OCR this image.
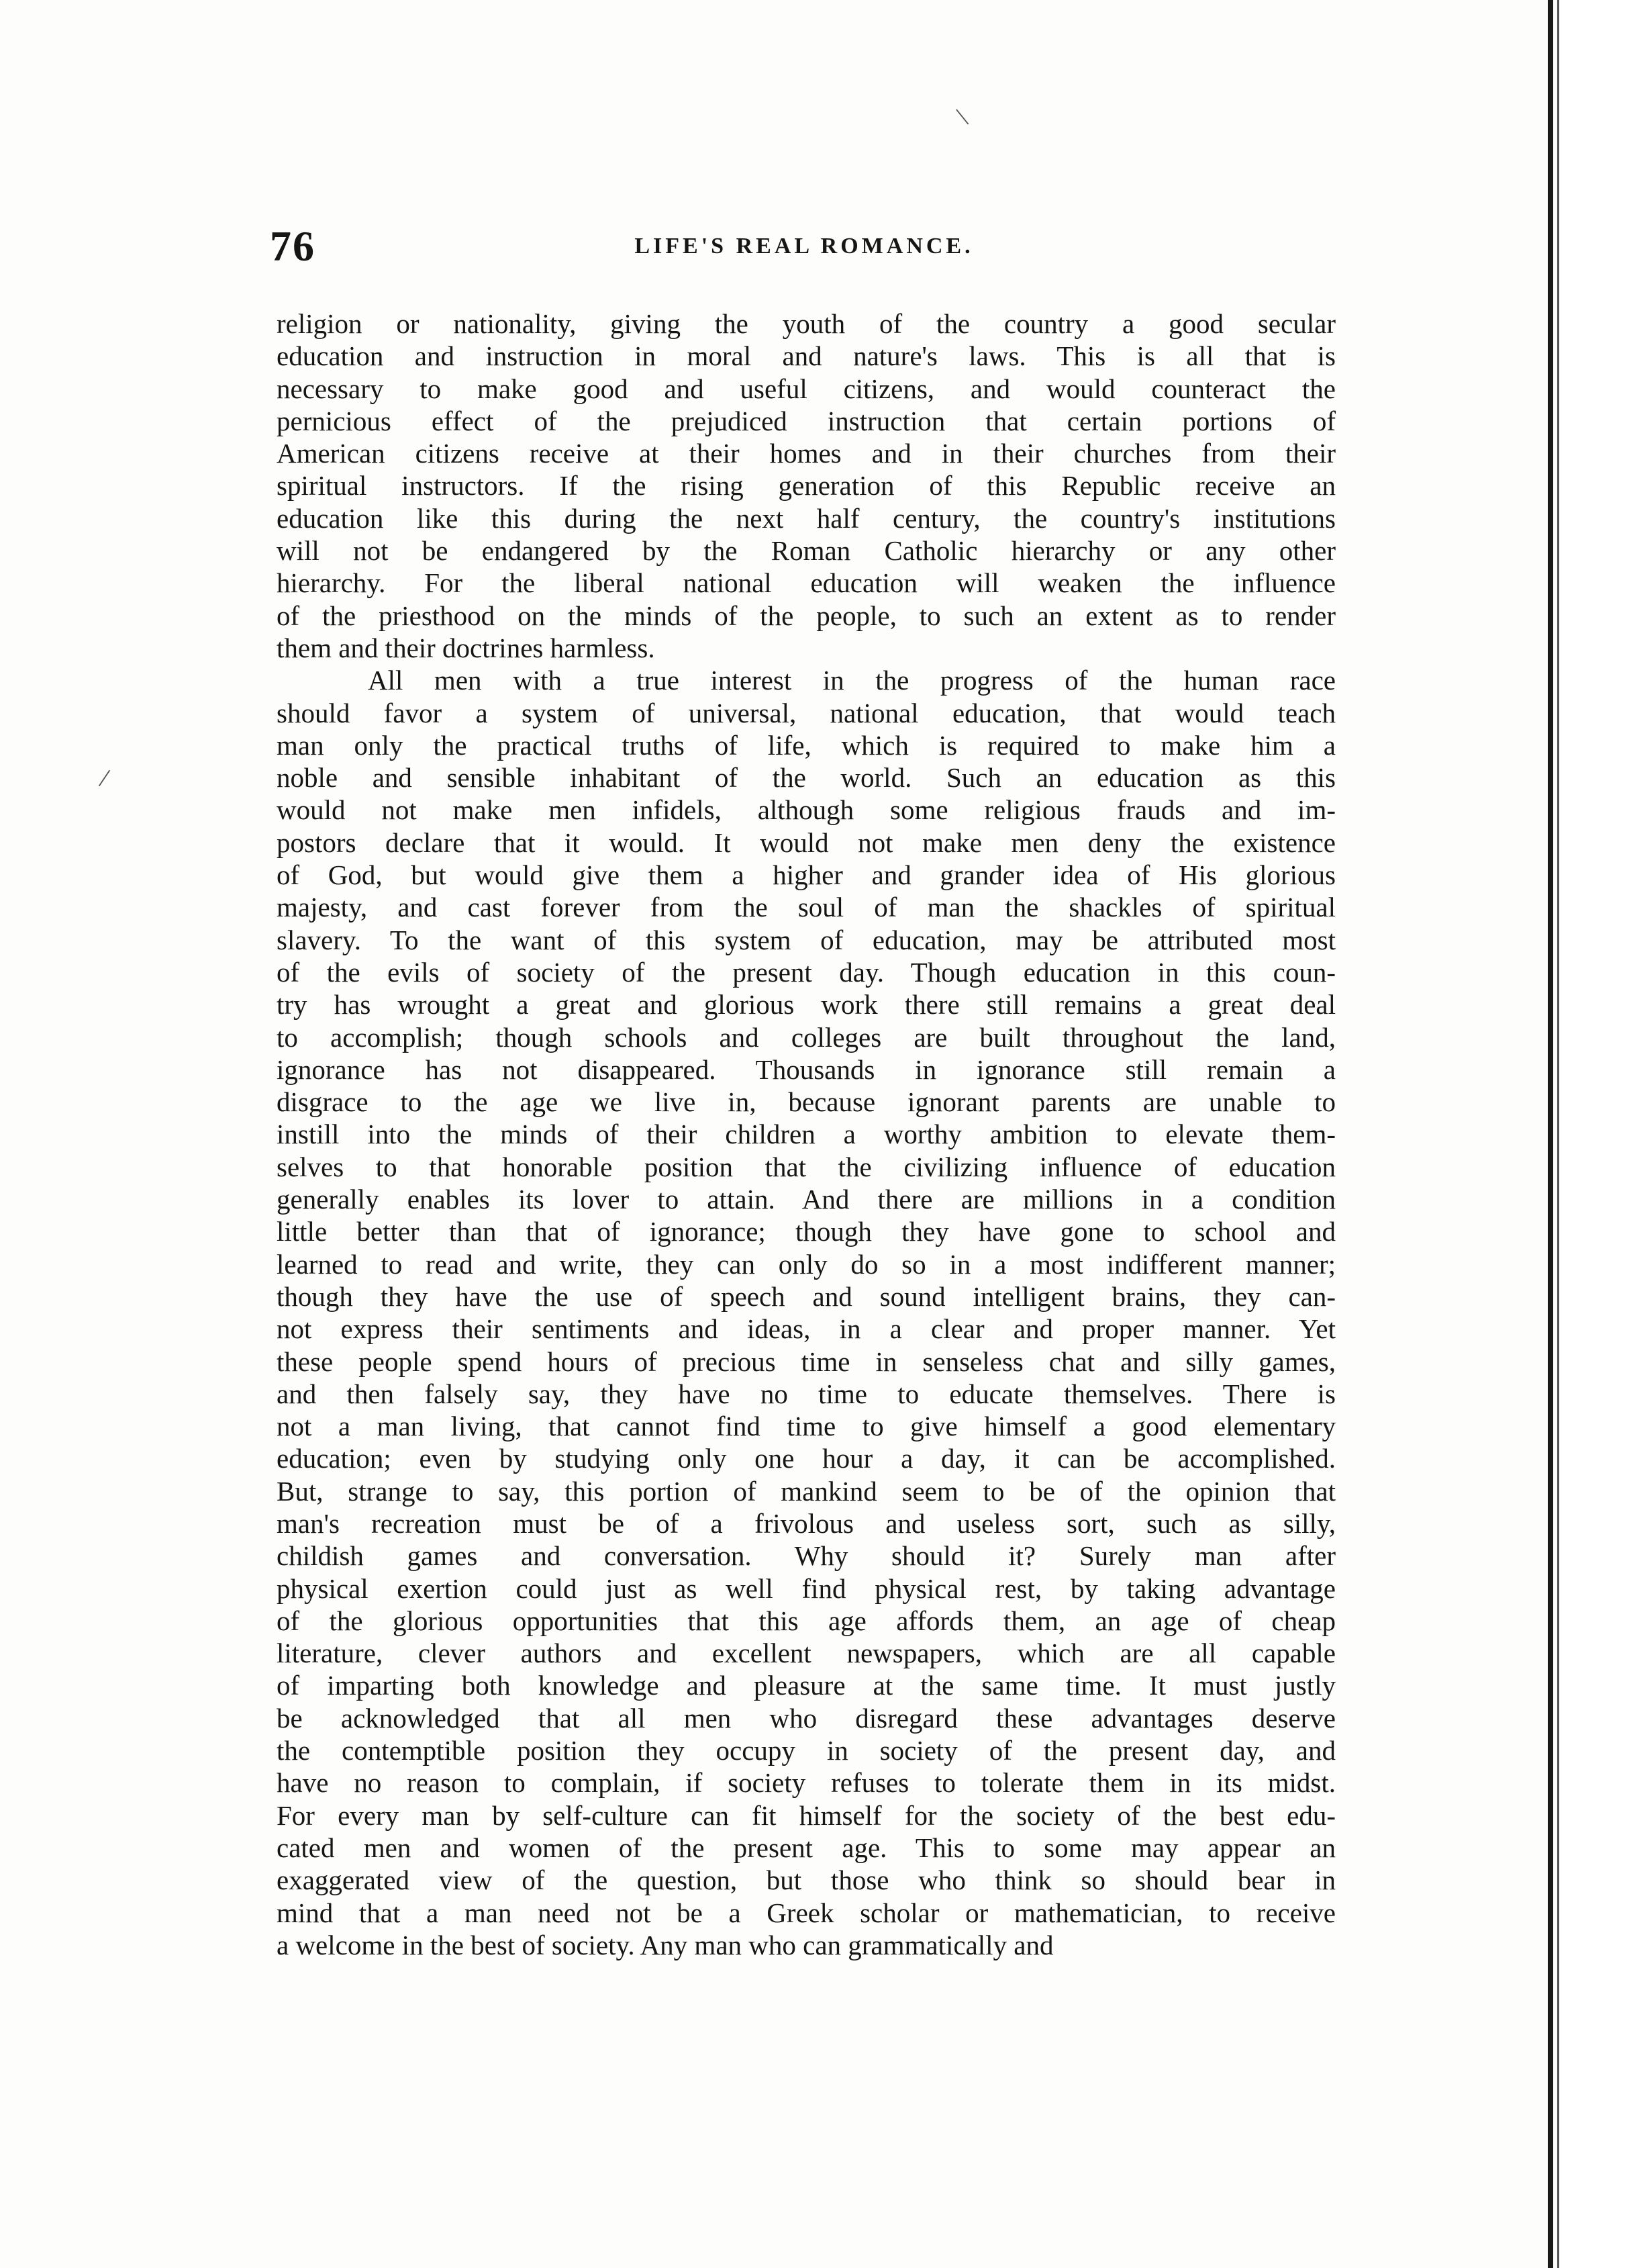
\
/
76	LIFE'S REAL ROMANCE.
religion or nationality, giving the youth of the country a good secular
education and instruction in moral and nature's laws. This is all that is
necessary to make good and useful citizens, and would counteract the
pernicious effect of the prejudiced instruction that certain portions of
American citizens receive at their homes and in their churches from their
spiritual instructors. If the rising generation of this Republic receive an
education like this during the next half century, the country's institutions
will not be endangered by the Roman Catholic hierarchy or any other
hierarchy. For the liberal national education will weaken the influence
of the priesthood on the minds of the people, to such an extent as to render
them and their doctrines harmless.
All men with a true interest in the progress of the human race
should favor a system of universal, national education, that would teach
man only the practical truths of life, which is required to make him a
noble and sensible inhabitant of the world. Such an education as this
would not make men infidels, although some religious frauds and im-
postors declare that it would. It would not make men deny the existence
of God, but would give them a higher and grander idea of His glorious
majesty, and cast forever from the soul of man the shackles of spiritual
slavery. To the want of this system of education, may be attributed most
of the evils of society of the present day. Though education in this coun-
try has wrought a great and glorious work there still remains a great deal
to accomplish; though schools and colleges are built throughout the land,
ignorance has not disappeared. Thousands in ignorance still remain a
disgrace to the age we live in, because ignorant parents are unable to
instill into the minds of their children a worthy ambition to elevate them-
selves to that honorable position that the civilizing influence of education
generally enables its lover to attain. And there are millions in a condition
little better than that of ignorance; though they have gone to school and
learned to read and write, they can only do so in a most indifferent manner;
though they have the use of speech and sound intelligent brains, they can-
not express their sentiments and ideas, in a clear and proper manner. Yet
these people spend hours of precious time in senseless chat and silly games,
and then falsely say, they have no time to educate themselves. There is
not a man living, that cannot find time to give himself a good elementary
education; even by studying only one hour a day, it can be accomplished.
But, strange to say, this portion of mankind seem to be of the opinion that
man's recreation must be of a frivolous and useless sort, such as silly,
childish games and conversation. Why should it? Surely man after
physical exertion could just as well find physical rest, by taking advantage
of the glorious opportunities that this age affords them, an age of cheap
literature, clever authors and excellent newspapers, which are all capable
of imparting both knowledge and pleasure at the same time. It must justly
be acknowledged that all men who disregard these advantages deserve
the contemptible position they occupy in society of the present day, and
have no reason to complain, if society refuses to tolerate them in its midst.
For every man by self-culture can fit himself for the society of the best edu-
cated men and women of the present age. This to some may appear an
exaggerated view of the question, but those who think so should bear in
mind that a man need not be a Greek scholar or mathematician, to receive
a welcome in the best of society. Any man who can grammatically and
